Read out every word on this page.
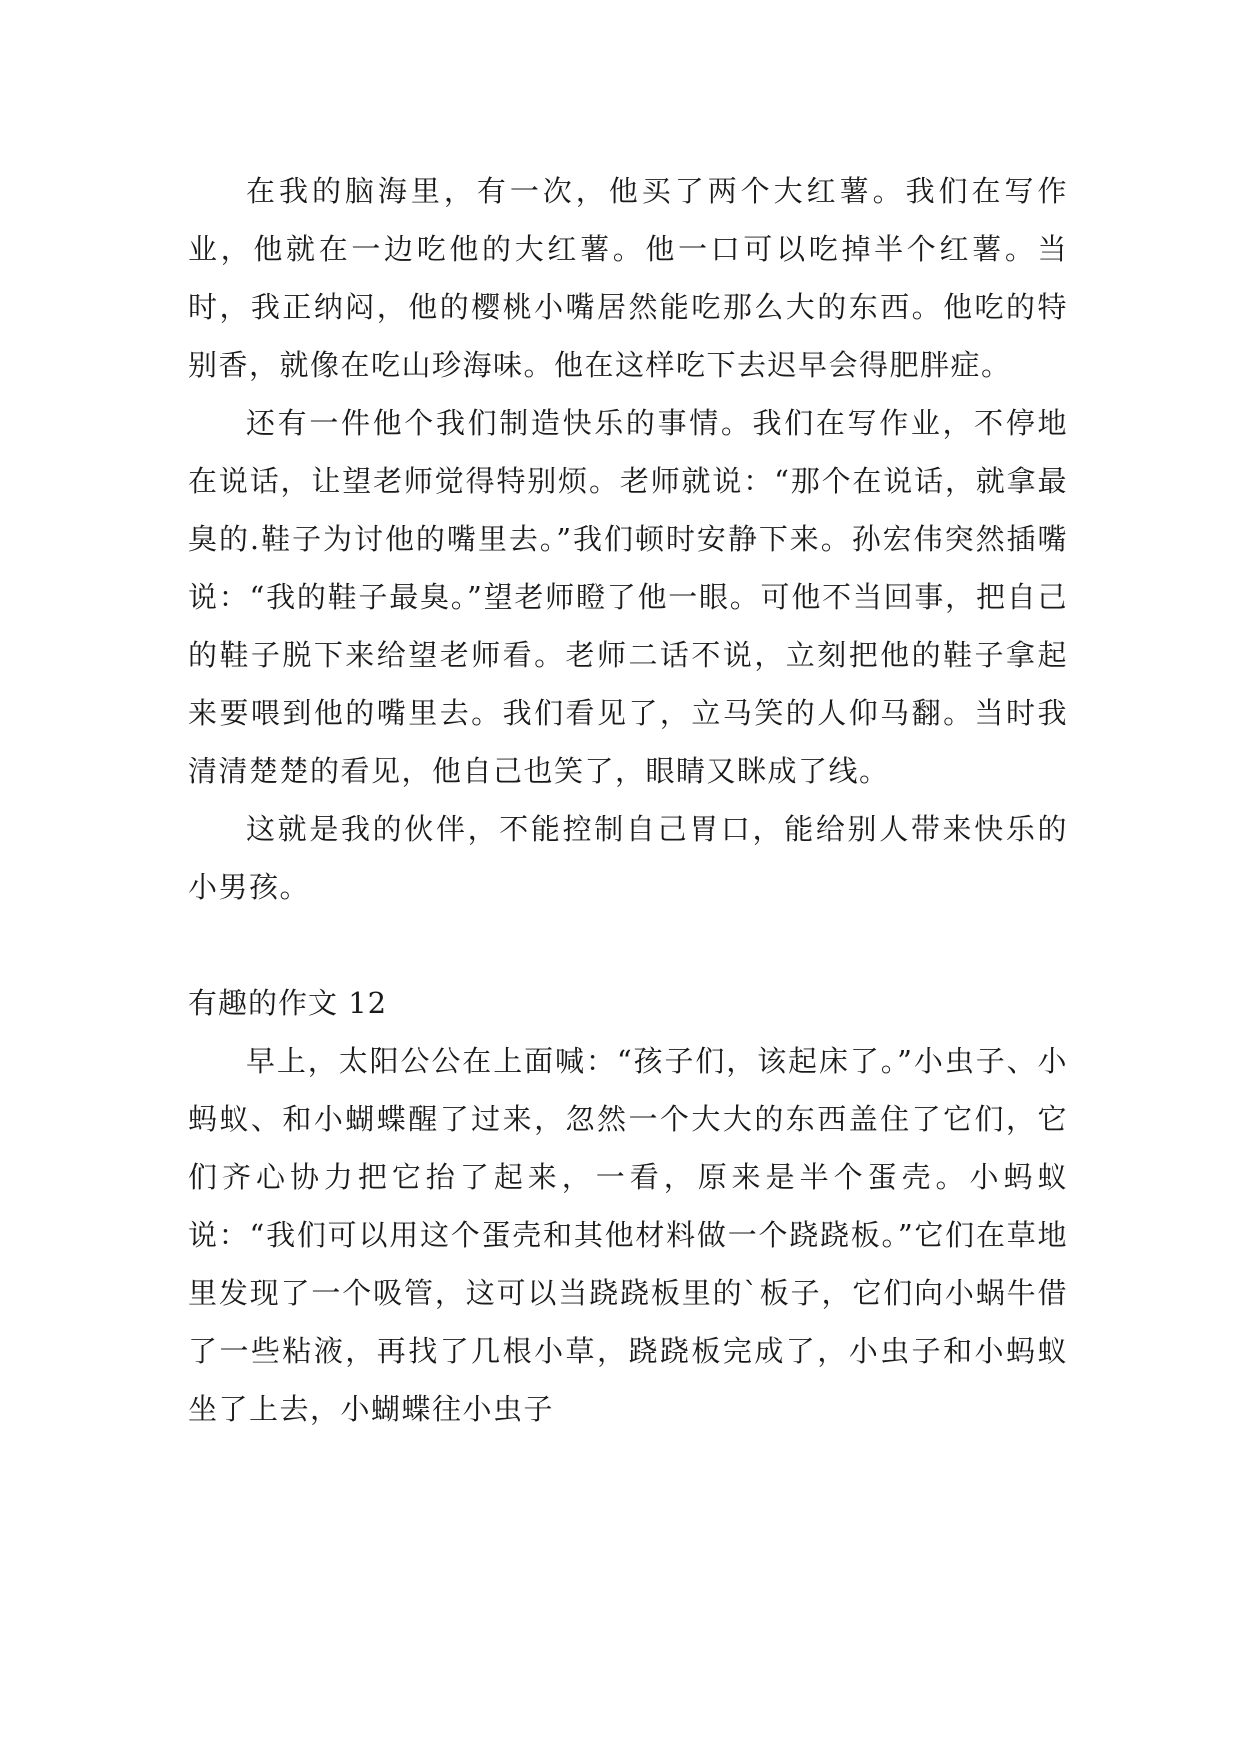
在我的脑海里，有一次，他买了两个大红薯。我们在写作业，他就在一边吃他的大红薯。他一口可以吃掉半个红薯。当时，我正纳闷，他的樱桃小嘴居然能吃那么大的东西。他吃的特别香，就像在吃山珍海味。他在这样吃下去迟早会得肥胖症。

还有一件他个我们制造快乐的事情。我们在写作业，不停地在说话，让望老师觉得特别烦。老师就说：“那个在说话，就拿最臭的.鞋子为讨他的嘴里去。”我们顿时安静下来。孙宏伟突然插嘴说：“我的鞋子最臭。”望老师瞪了他一眼。可他不当回事，把自己的鞋子脱下来给望老师看。老师二话不说，立刻把他的鞋子拿起来要喂到他的嘴里去。我们看见了，立马笑的人仰马翻。当时我清清楚楚的看见，他自己也笑了，眼睛又眯成了线。

这就是我的伙伴，不能控制自己胃口，能给别人带来快乐的小男孩。

有趣的作文 12

早上，太阳公公在上面喊：“孩子们，该起床了。”小虫子、小蚂蚁、和小蝴蝶醒了过来，忽然一个大大的东西盖住了它们，它们齐心协力把它抬了起来，一看，原来是半个蛋壳。小蚂蚁说：“我们可以用这个蛋壳和其他材料做一个跷跷板。”它们在草地里发现了一个吸管，这可以当跷跷板里的`板子，它们向小蜗牛借了一些粘液，再找了几根小草，跷跷板完成了，小虫子和小蚂蚁坐了上去，小蝴蝶往小虫子
